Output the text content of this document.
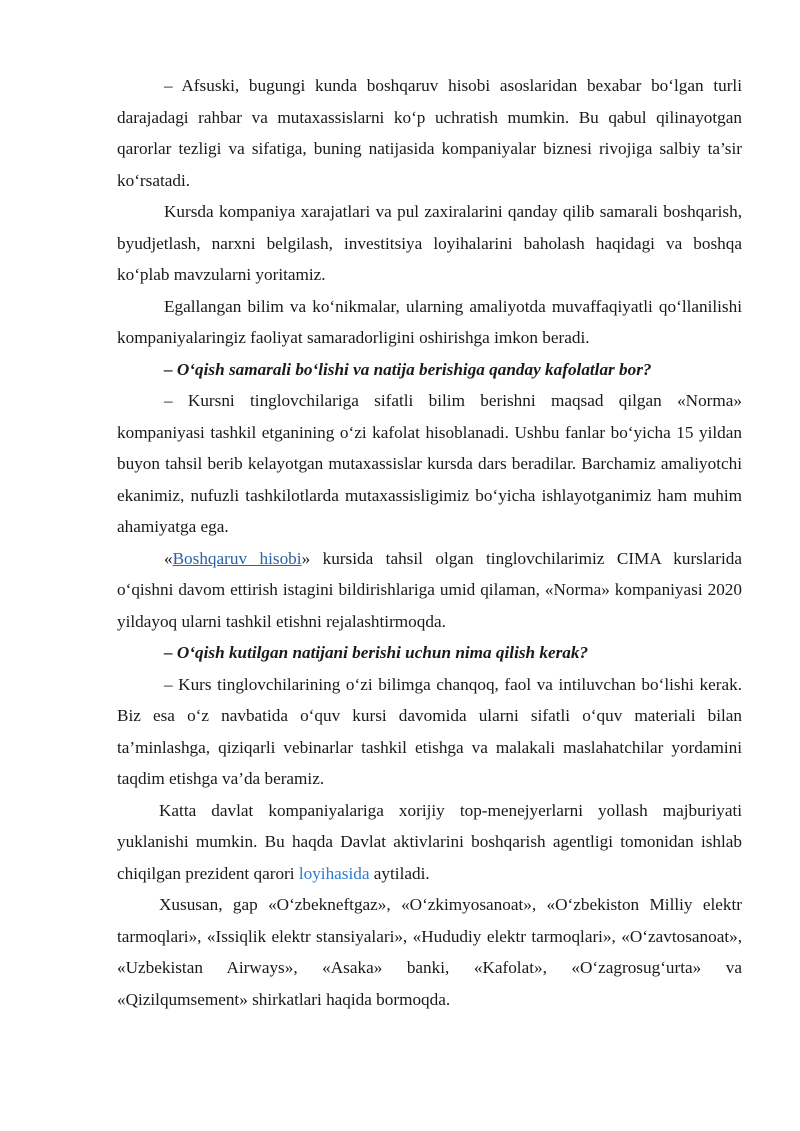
– Afsuski, bugungi kunda boshqaruv hisobi asoslaridan bexabar bo‘lgan turli darajadagi rahbar va mutaxassislarni ko‘p uchratish mumkin. Bu qabul qilinayotgan qarorlar tezligi va sifatiga, buning natijasida kompaniyalar biznesi rivojiga salbiy ta’sir ko‘rsatadi.

Kursda kompaniya xarajatlari va pul zaxiralarini qanday qilib samarali boshqarish, byudjetlash, narxni belgilash, investitsiya loyihalarini baholash haqidagi va boshqa ko‘plab mavzularni yoritamiz.

Egallangan bilim va ko‘nikmalar, ularning amaliyotda muvaffaqiyatli qo‘llanilishi kompaniyalaringiz faoliyat samaradorligini oshirishga imkon beradi.

– O‘qish samarali bo‘lishi va natija berishiga qanday kafolatlar bor?

– Kursni tinglovchilariga sifatli bilim berishni maqsad qilgan «Norma» kompaniyasi tashkil etganining o‘zi kafolat hisoblanadi. Ushbu fanlar bo‘yicha 15 yildan buyon tahsil berib kelayotgan mutaxassislar kursda dars beradilar. Barchamiz amaliyotchi ekanimiz, nufuzli tashkilotlarda mutaxassisligimiz bo‘yicha ishlayotganimiz ham muhim ahamiyatga ega.

«Boshqaruv hisobi» kursida tahsil olgan tinglovchilarimiz CIMA kurslarida o‘qishni davom ettirish istagini bildirishlariga umid qilaman, «Norma» kompaniyasi 2020 yildayoq ularni tashkil etishni rejalashtirmoqda.

– O‘qish kutilgan natijani berishi uchun nima qilish kerak?

– Kurs tinglovchilarining o‘zi bilimga chanqoq, faol va intiluvchan bo‘lishi kerak. Biz esa o‘z navbatida o‘quv kursi davomida ularni sifatli o‘quv materiali bilan ta’minlashga, qiziqarli vebinarlar tashkil etishga va malakali maslahatchilar yordamini taqdim etishga va’da beramiz.

Katta davlat kompaniyalariga xorijiy top-menejyerlarni yollash majburiyati yuklanishi mumkin. Bu haqda Davlat aktivlarini boshqarish agentligi tomonidan ishlab chiqilgan prezident qarori loyihasida aytiladi.

Xususan, gap «O‘zbekneftgaz», «O‘zkimyosanoat», «O‘zbekiston Milliy elektr tarmoqlari», «Issiqlik elektr stansiyalari», «Hududiy elektr tarmoqlari», «O‘zavtosanoat», «Uzbekistan Airways», «Asaka» banki, «Kafolat», «O‘zagrosug‘urta» va «Qizilqumsement» shirkatlari haqida bormoqda.
